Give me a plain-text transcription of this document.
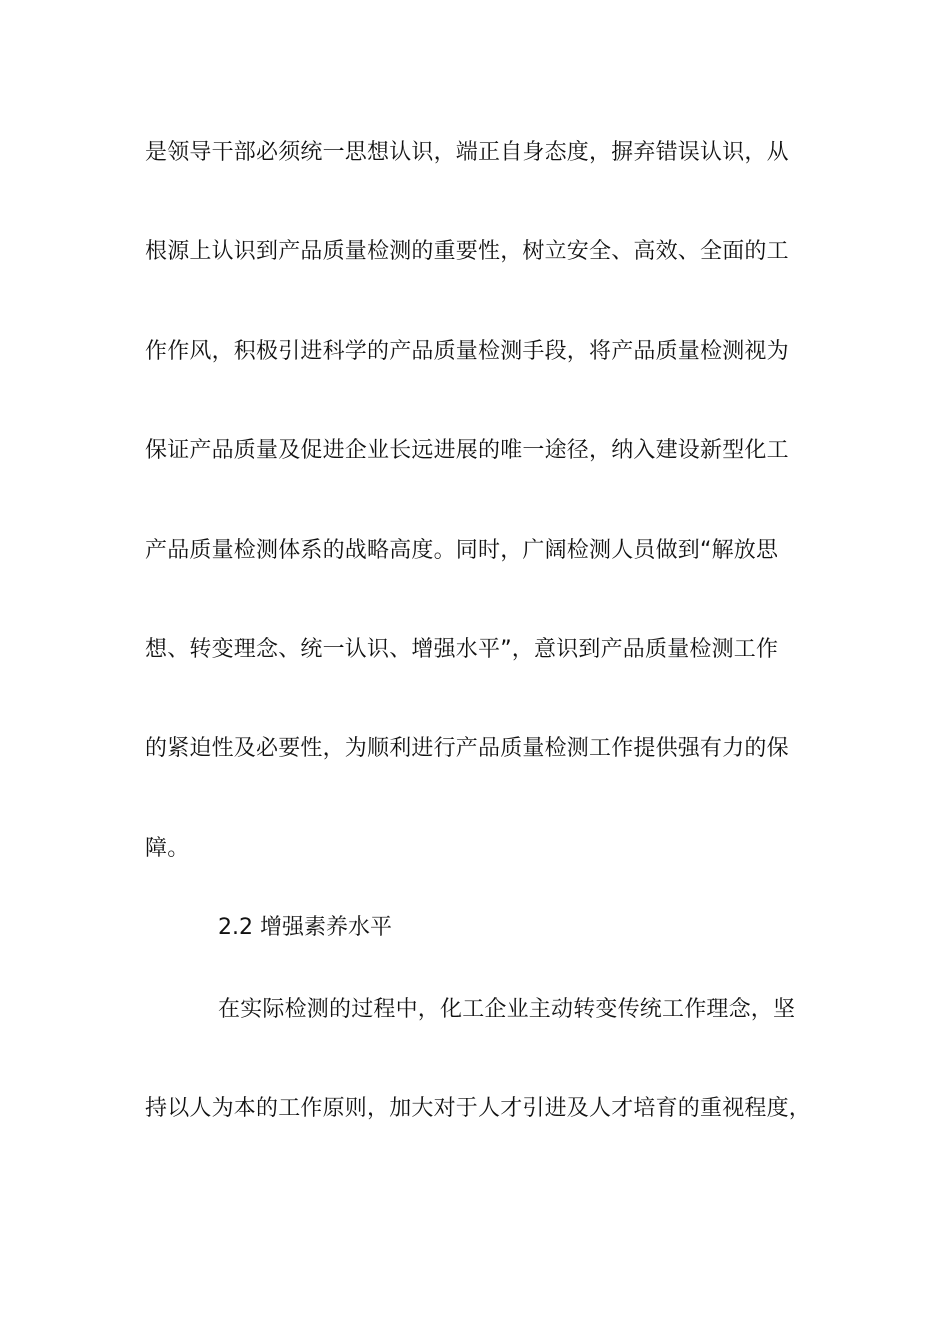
是领导干部必须统一思想认识，端正自身态度，摒弃错误认识，从
根源上认识到产品质量检测的重要性，树立安全、高效、全面的工
作作风，积极引进科学的产品质量检测手段，将产品质量检测视为
保证产品质量及促进企业长远进展的唯一途径，纳入建设新型化工
产品质量检测体系的战略高度。同时，广阔检测人员做到“解放思
想、转变理念、统一认识、增强水平”，意识到产品质量检测工作
的紧迫性及必要性，为顺利进行产品质量检测工作提供强有力的保
障。
2.2 增强素养水平
在实际检测的过程中，化工企业主动转变传统工作理念，坚
持以人为本的工作原则，加大对于人才引进及人才培育的重视程度，
